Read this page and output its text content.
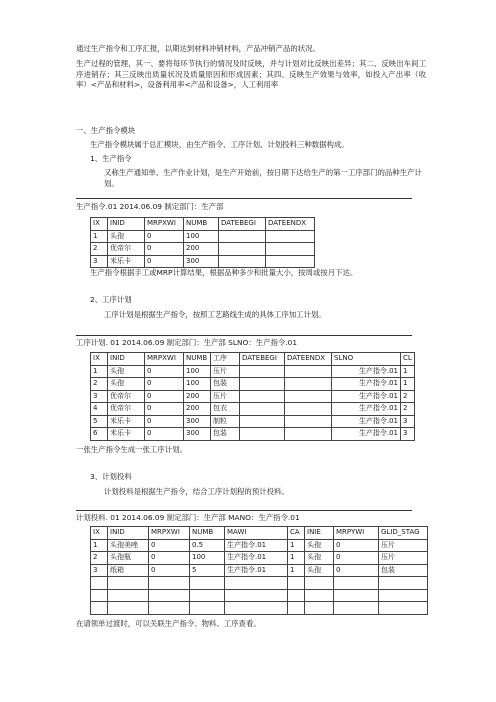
通过生产指令和工序汇报，以期达到材料冲销材料，产品冲销产品的状况。

生产过程的管理，其一、要将每环节执行的情况及时反映，并与计划对比反映出差异；其二、反映出车间工序进销存；其三反映出质量状况及质量原因和形成因素；其四、反映生产效果与效率，如投入产出率（收率）<产品和材料>，设备利用率<产品和设备>，人工利用率

一、生产指令模块

生产指令模块属于总汇模块，由生产指令、工序计划、计划投料三种数据构成。

1、生产指令

又称生产通知单、生产作业计划，是生产开始前，按日期下达给生产的第一工序部门的品种生产计划。

生产指令.01 2014.06.09 制定部门：生产部

IX	INID	MRPXWI	NUMB	DATEBEGI	DATEENDX
1	头孢	0	100		
2	优帝尔	0	200		
3	米乐卡	0	300		

生产指令根据手工或MRP计算结果，根据品种多少和批量大小，按周或按月下达。

2、工序计划

工序计划是根据生产指令，按照工艺路线生成的具体工序加工计划。

工序计划. 01 2014.06.09 制定部门：生产部 SLNO：生产指令.01

IX	INID	MRPXWI	NUMB	工序	DATEBEGI	DATEENDX	SLNO	CL
1	头孢	0	100	压片			生产指令.01	1
2	头孢	0	100	包装			生产指令.01	1
3	优帝尔	0	200	压片			生产指令.01	2
4	优帝尔	0	200	包衣			生产指令.01	2
5	米乐卡	0	300	制粒			生产指令.01	3
6	米乐卡	0	300	包装			生产指令.01	3

一张生产指令生成一张工序计划。

3、计划投料

计划投料是根据生产指令，结合工序计划程的预计投料。

计划投料. 01 2014.06.09 制定部门：生产部 MANO：生产指令.01

IX	INID	MRPXWI	NUMB	MAWI	CA	INIE	MRPYWI	GLID_STAG
1	头孢美唑	0	0.5	生产指令.01	1	头孢	0	压片
2	头孢瓶	0	100	生产指令.01	1	头孢	0	压片
3	纸箱	0	5	生产指令.01	1	头孢	0	包装

在请领单过渡时，可以关联生产指令、物料、工序查看。
